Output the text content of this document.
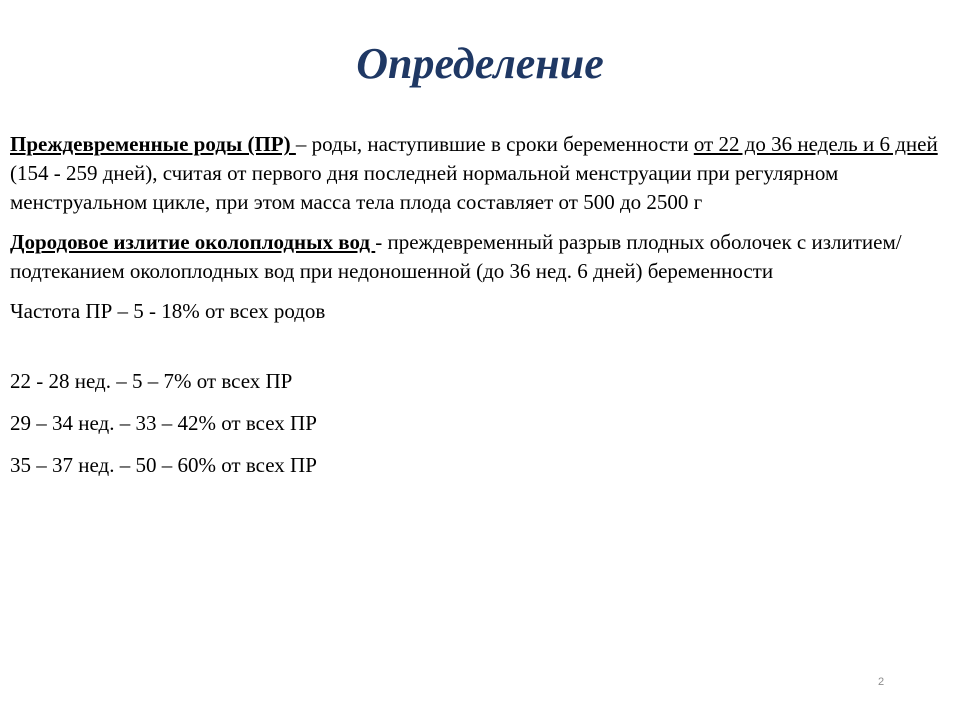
Определение

Преждевременные роды (ПР) – роды, наступившие в сроки беременности от 22 до 36 недель и 6 дней (154 - 259 дней), считая от первого дня последней нормальной менструации при регулярном менструальном цикле, при этом масса тела плода составляет от 500 до 2500 г

Дородовое излитие околоплодных вод - преждевременный разрыв плодных оболочек с излитием/подтеканием околоплодных вод при недоношенной (до 36 нед. 6 дней) беременности

Частота ПР – 5 - 18% от всех родов

22 - 28 нед. – 5 – 7% от всех ПР

29 – 34 нед. – 33 – 42% от всех ПР

35 – 37 нед. – 50 – 60% от всех ПР

2
